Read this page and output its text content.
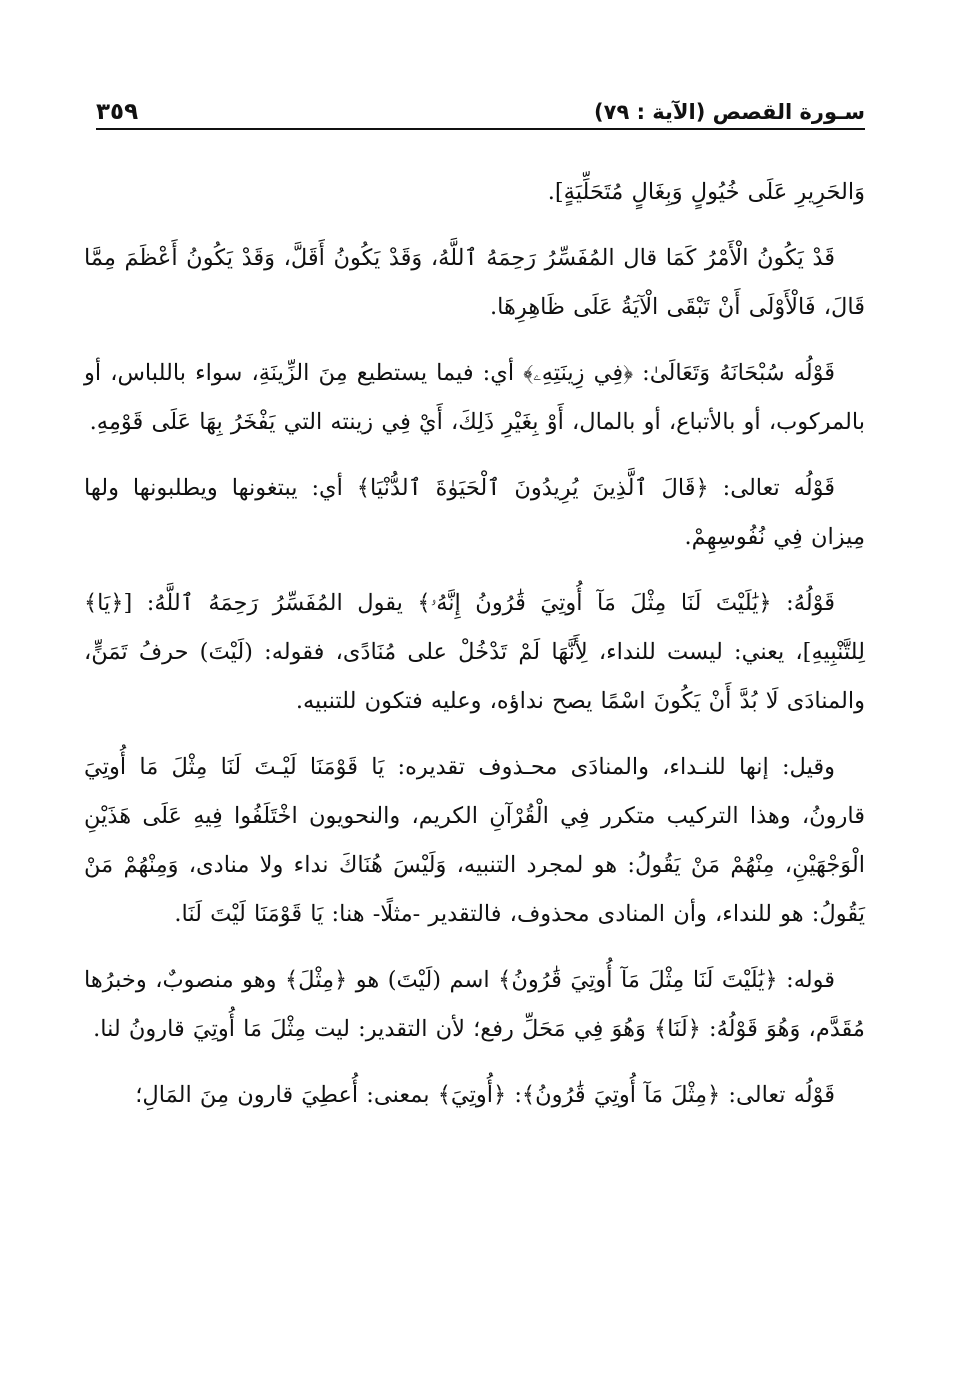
سـورة القصص (الآية : ٧٩)
٣٥٩

وَالحَرِيرِ عَلَى خُيُولٍ وَبِغَالٍ مُتَحَلِّيَةٍ].

قَدْ يَكُونُ الْأَمْرُ كَمَا قال المُفَسِّرُ رَحِمَهُ ٱللَّهُ، وَقَدْ يَكُونُ أَقَلَّ، وَقَدْ يَكُونُ أَعْظَمَ مِمَّا قَالَ، فَالْأَوْلَى أَنْ تَبْقَى الْآيَةُ عَلَى ظَاهِرِهَا.

قَوْلُه سُبْحَانَهُ وَتَعَالَىٰ: ﴿فِي زِينَتِهِۦ﴾ أي: فيما يستطيع مِنَ الزِّينَةِ، سواء باللباس، أو بالمركوب، أو بالأتباع، أو بالمال، أَوْ بِغَيْرِ ذَلِكَ، أَيْ فِي زينته التي يَفْخَرُ بِهَا عَلَى قَوْمِهِ.

قَوْلُه تعالى: ﴿قَالَ ٱلَّذِينَ يُرِيدُونَ ٱلْحَيَوٰةَ ٱلدُّنْيَا﴾ أي: يبتغونها ويطلبونها ولها مِيزان فِي نُفُوسِهِمْ.

قَوْلُهُ: ﴿يَٰلَيْتَ لَنَا مِثْلَ مَآ أُوتِيَ قَٰرُونُ إِنَّهُۥ﴾ يقول المُفَسِّرُ رَحِمَهُ ٱللَّهُ: [﴿يَا﴾ لِلتَّنْبِيهِ]، يعني: ليست للنداء، لِأَنَّهَا لَمْ تَدْخُلْ على مُنَادًى، فقوله: (لَيْتَ) حرفُ تَمَنٍّ، والمنادَى لَا بُدَّ أَنْ يَكُونَ اسْمًا يصح نداؤه، وعليه فتكون للتنبيه.

وقيل: إنها للنـداء، والمنادَى محـذوف تقديره: يَا قَوْمَنَا لَيْـتَ لَنَا مِثْلَ مَا أُوتِيَ قارونُ، وهذا التركيب متكرر فِي الْقُرْآنِ الكريم، والنحويون اخْتَلَفُوا فِيهِ عَلَى هَذَيْنِ الْوَجْهَيْنِ، مِنْهُمْ مَنْ يَقُولُ: هو لمجرد التنبيه، وَلَيْسَ هُنَاكَ نداء ولا منادى، وَمِنْهُمْ مَنْ يَقُولُ: هو للنداء، وأن المنادى محذوف، فالتقدير -مثلًا- هنا: يَا قَوْمَنَا لَيْتَ لَنَا.

قوله: ﴿يَٰلَيْتَ لَنَا مِثْلَ مَآ أُوتِيَ قَٰرُونُ﴾ اسم (لَيْتَ) هو ﴿مِثْلَ﴾ وهو منصوبٌ، وخبرُها مُقَدَّم، وَهُوَ قَوْلُهُ: ﴿لَنَا﴾ وَهُوَ فِي مَحَلِّ رفع؛ لأن التقدير: ليت مِثْلَ مَا أُوتِيَ قارونُ لنا.

قَوْلُه تعالى: ﴿مِثْلَ مَآ أُوتِيَ قَٰرُونُ﴾: ﴿أُوتِيَ﴾ بمعنى: أُعطِيَ قارون مِنَ المَالِ؛
